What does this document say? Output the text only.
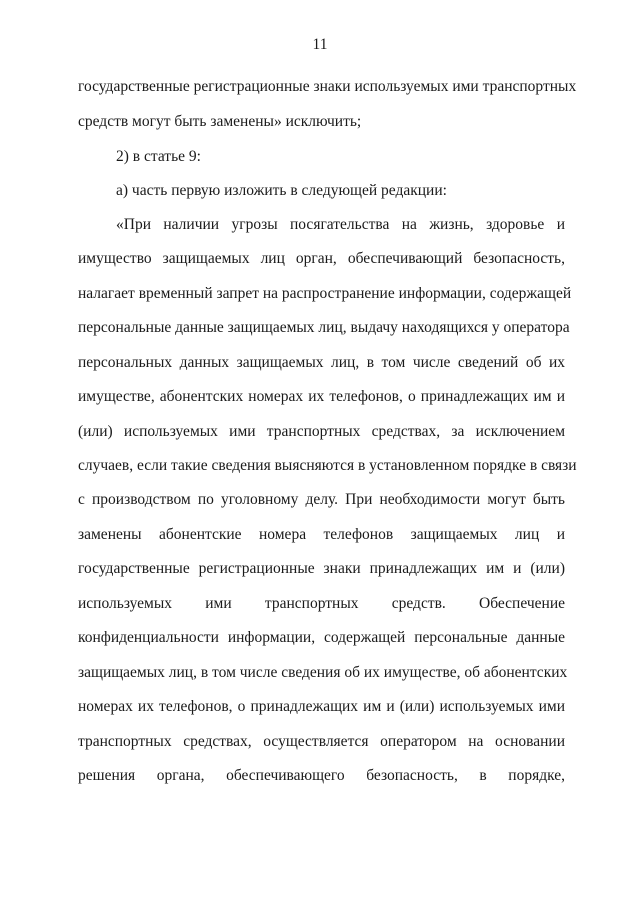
11
государственные регистрационные знаки используемых ими транспортных
средств могут быть заменены» исключить;
2) в статье 9:
а) часть первую изложить в следующей редакции:
«При наличии угрозы посягательства на жизнь, здоровье и
имущество защищаемых лиц орган, обеспечивающий безопасность,
налагает временный запрет на распространение информации, содержащей
персональные данные защищаемых лиц, выдачу находящихся у оператора
персональных данных защищаемых лиц, в том числе сведений об их
имуществе, абонентских номерах их телефонов, о принадлежащих им и
(или) используемых ими транспортных средствах, за исключением
случаев, если такие сведения выясняются в установленном порядке в связи
с производством по уголовному делу. При необходимости могут быть
заменены абонентские номера телефонов защищаемых лиц и
государственные регистрационные знаки принадлежащих им и (или)
используемых ими транспортных средств. Обеспечение
конфиденциальности информации, содержащей персональные данные
защищаемых лиц, в том числе сведения об их имуществе, об абонентских
номерах их телефонов, о принадлежащих им и (или) используемых ими
транспортных средствах, осуществляется оператором на основании
решения органа, обеспечивающего безопасность, в порядке,
